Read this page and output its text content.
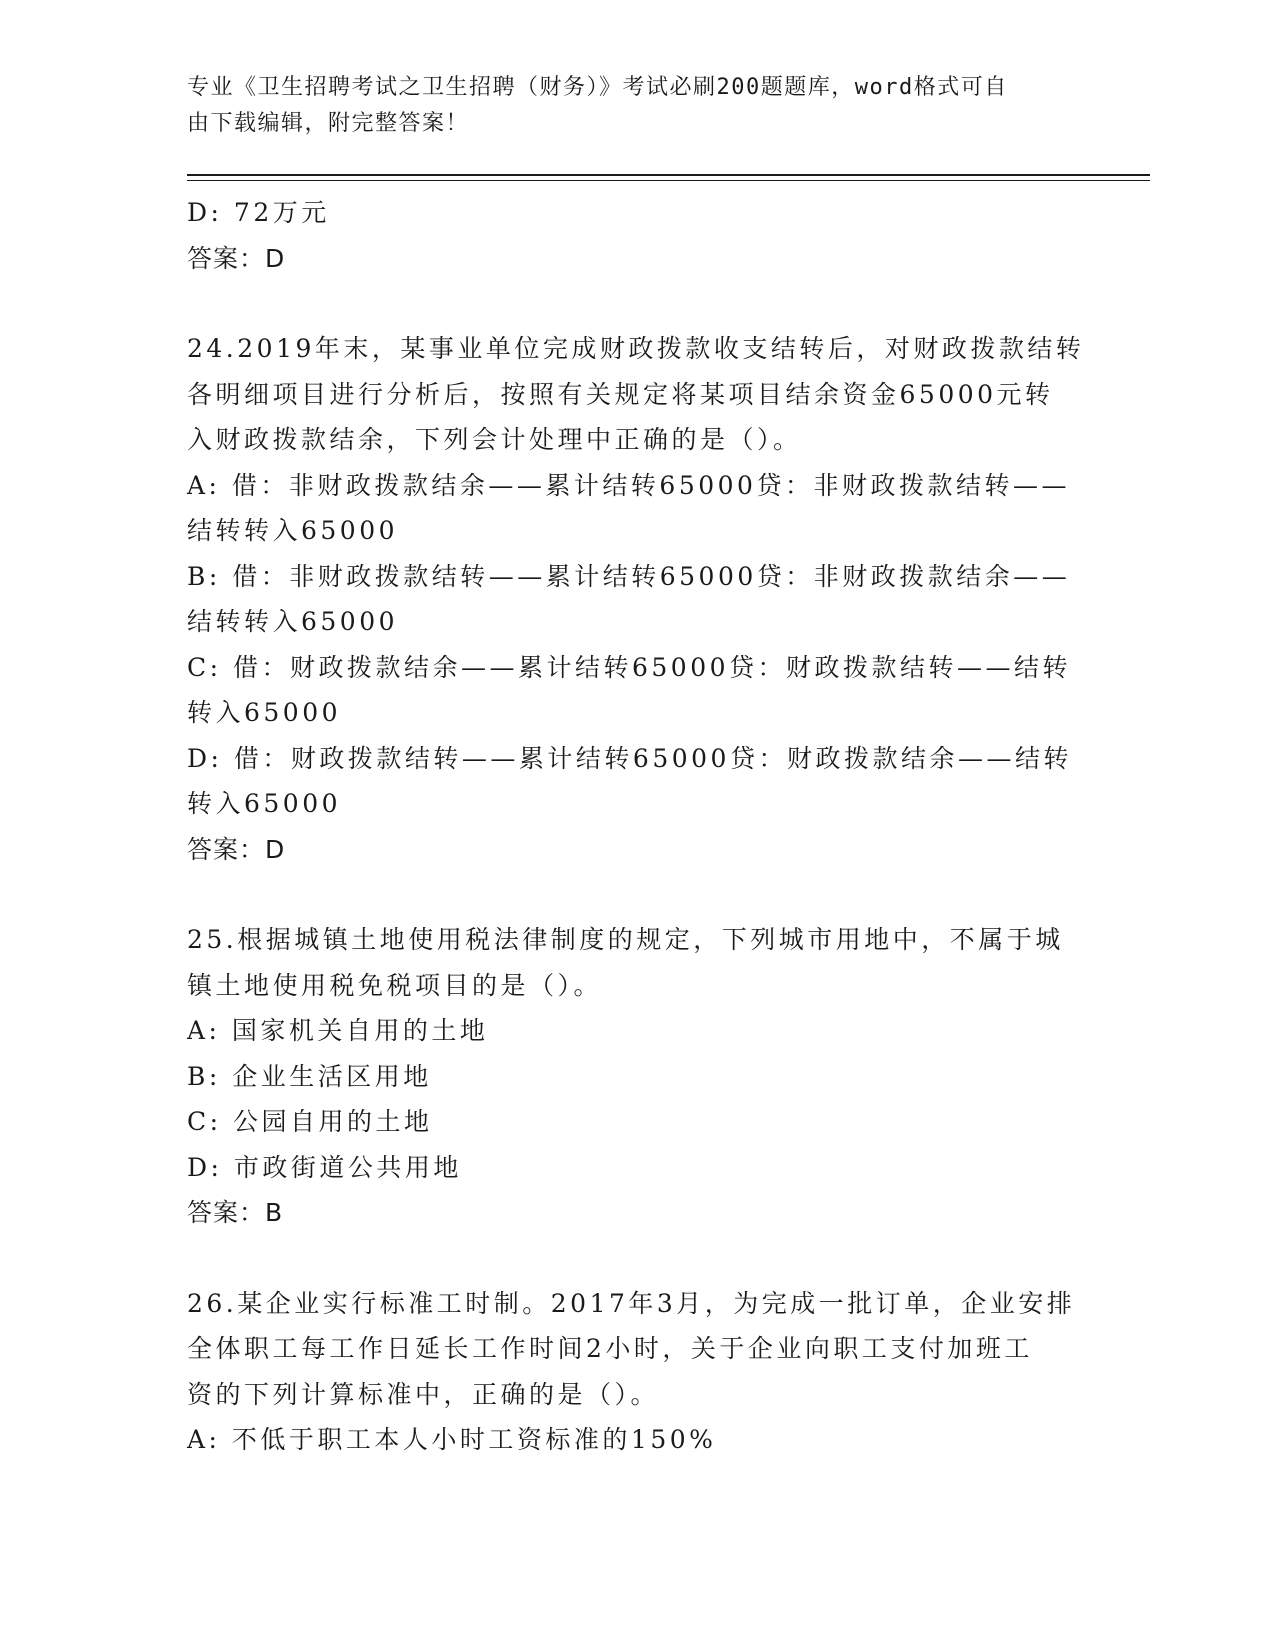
专业《卫生招聘考试之卫生招聘（财务）》考试必刷200题题库，word格式可自
由下载编辑，附完整答案！
D: 72万元
答案：D
24.2019年末，某事业单位完成财政拨款收支结转后，对财政拨款结转
各明细项目进行分析后，按照有关规定将某项目结余资金65000元转
入财政拨款结余，下列会计处理中正确的是（）。
A: 借：非财政拨款结余——累计结转65000贷：非财政拨款结转——
结转转入65000
B: 借：非财政拨款结转——累计结转65000贷：非财政拨款结余——
结转转入65000
C: 借：财政拨款结余——累计结转65000贷：财政拨款结转——结转
转入65000
D: 借：财政拨款结转——累计结转65000贷：财政拨款结余——结转
转入65000
答案：D
25.根据城镇土地使用税法律制度的规定，下列城市用地中，不属于城
镇土地使用税免税项目的是（）。
A: 国家机关自用的土地
B: 企业生活区用地
C: 公园自用的土地
D: 市政街道公共用地
答案：B
26.某企业实行标准工时制。2017年3月，为完成一批订单，企业安排
全体职工每工作日延长工作时间2小时，关于企业向职工支付加班工
资的下列计算标准中，正确的是（）。
A: 不低于职工本人小时工资标准的150%
